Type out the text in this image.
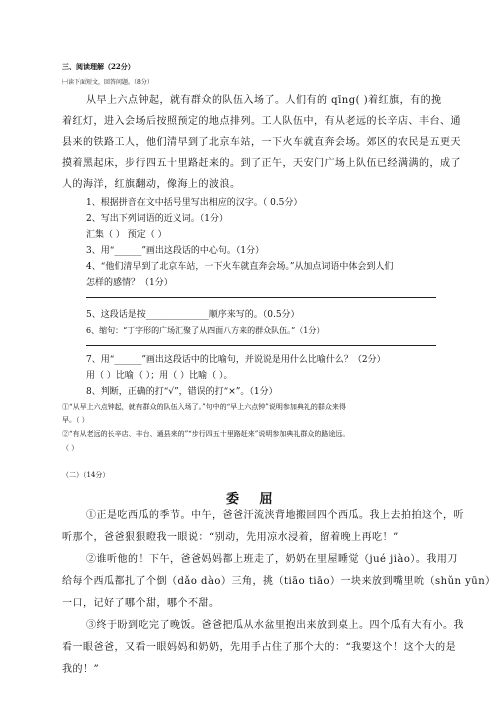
三、阅读理解（22分）
㈠读下面短文，回答问题。（8分）
从早上六点钟起，就有群众的队伍入场了。人们有的 qīng( )着红旗，有的挽
着红灯，进入会场后按照预定的地点排列。工人队伍中，有从老远的长辛店、丰台、通
县来的铁路工人，他们清早到了北京车站，一下火车就直奔会场。郊区的农民是五更天
摸着黑起床，步行四五十里路赶来的。到了正午，天安门广场上队伍已经满满的，成了
人的海洋，红旗翻动，像海上的波浪。
1、根据拼音在文中括号里写出相应的汉字。（ 0.5分）
2、写出下列词语的近义词。（1分）
汇集（ ） 预定（ ）
3、用“______”画出这段话的中心句。（1分）
4、“他们清早到了北京车站，一下火车就直奔会场。”从加点词语中体会到人们
怎样的感情？（1分）
5、这段话是按______________顺序来写的。（0.5分）
6、缩句：“丁字形的广场汇聚了从四面八方来的群众队伍。”（1分）
7、用“______”画出这段话中的比喻句，并说说是用什么比喻什么？（2分）
用（ ）比喻（ ）；用（ ）比喻（ ）。
8、判断，正确的打“√”，错误的打“×”。（1分）
①“从早上六点钟起，就有群众的队伍入场了。”句中的“早上六点钟”说明参加典礼的群众来得
早。（ ）
②“有从老远的长辛店、丰台、通县来的”“步行四五十里路赶来”说明参加典礼群众的路途远。
（ ）
（二）（14分）
委 屈
①正是吃西瓜的季节。中午，爸爸汗流浃背地搬回四个西瓜。我上去拍拍这个，听
听那个，爸爸狠狠瞪我一眼说：“别动，先用凉水浸着，留着晚上再吃！”
②谁听他的！下午，爸爸妈妈都上班走了，奶奶在里屋睡觉（jué jiào）。我用刀
给每个西瓜都扎了个倒（dǎo dào）三角，挑（tiāo tiāo）一块来放到嘴里吮（shǔn yūn）
一口，记好了哪个甜，哪个不甜。
③终于盼到吃完了晚饭。爸爸把瓜从水盆里抱出来放到桌上。四个瓜有大有小。我
看一眼爸爸，又看一眼妈妈和奶奶，先用手占住了那个大的：“我要这个！这个大的是
我的！”
